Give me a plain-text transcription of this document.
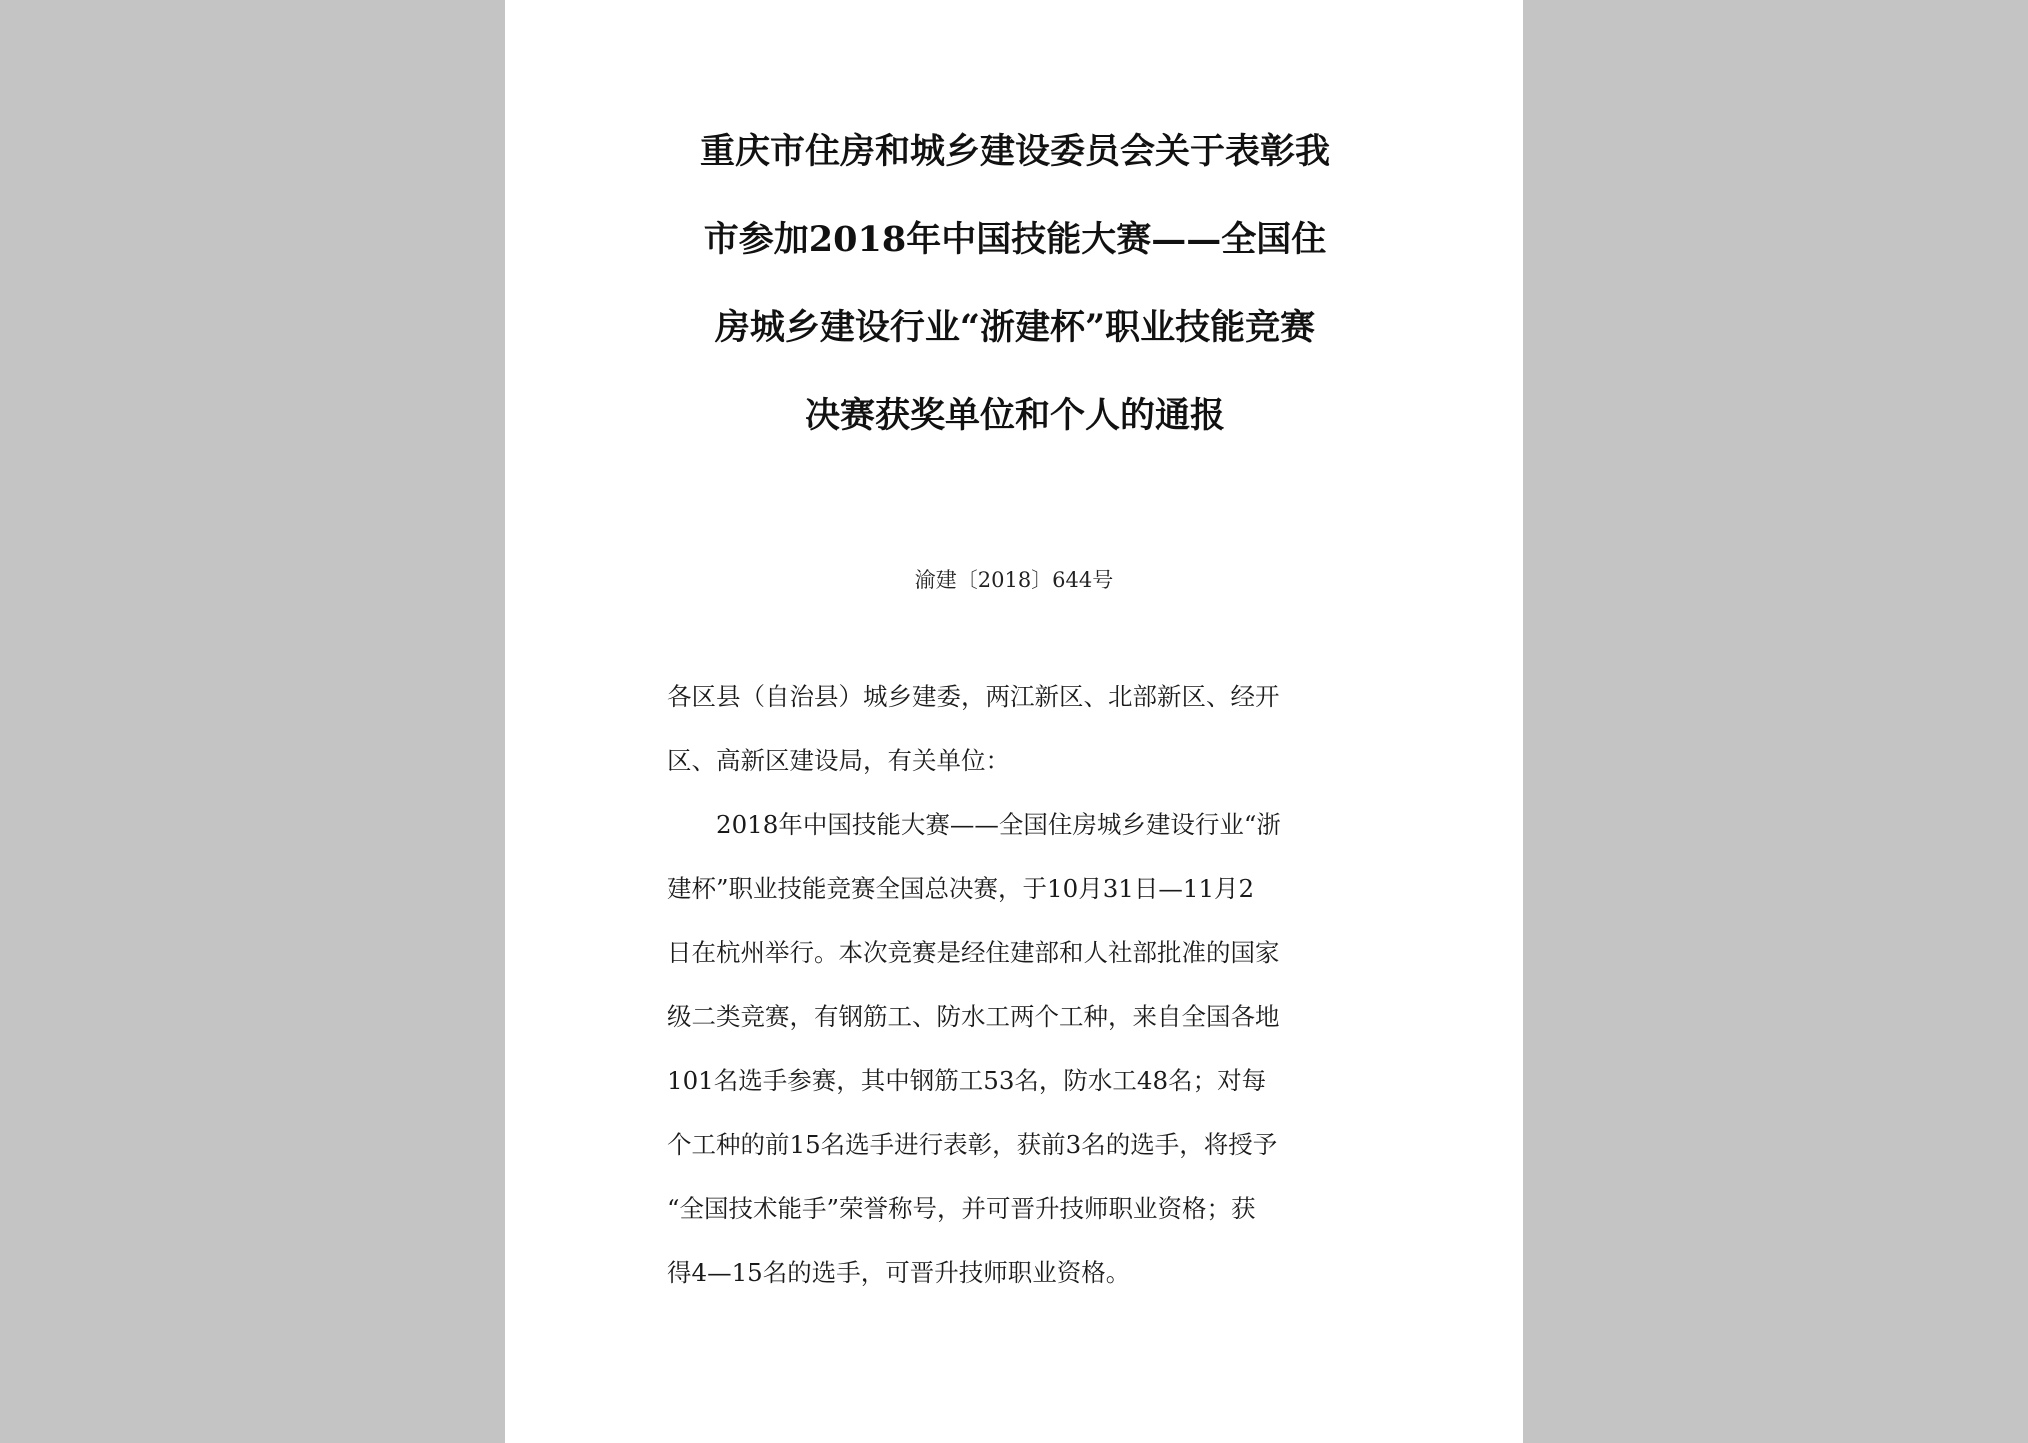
重庆市住房和城乡建设委员会关于表彰我
市参加2018年中国技能大赛——全国住
房城乡建设行业“浙建杯”职业技能竞赛
决赛获奖单位和个人的通报
渝建〔2018〕644号
各区县（自治县）城乡建委，两江新区、北部新区、经开
区、高新区建设局，有关单位：
　　2018年中国技能大赛——全国住房城乡建设行业“浙
建杯”职业技能竞赛全国总决赛，于10月31日—11月2
日在杭州举行。本次竞赛是经住建部和人社部批准的国家
级二类竞赛，有钢筋工、防水工两个工种，来自全国各地
101名选手参赛，其中钢筋工53名，防水工48名；对每
个工种的前15名选手进行表彰，获前3名的选手，将授予
“全国技术能手”荣誉称号，并可晋升技师职业资格；获
得4—15名的选手，可晋升技师职业资格。
